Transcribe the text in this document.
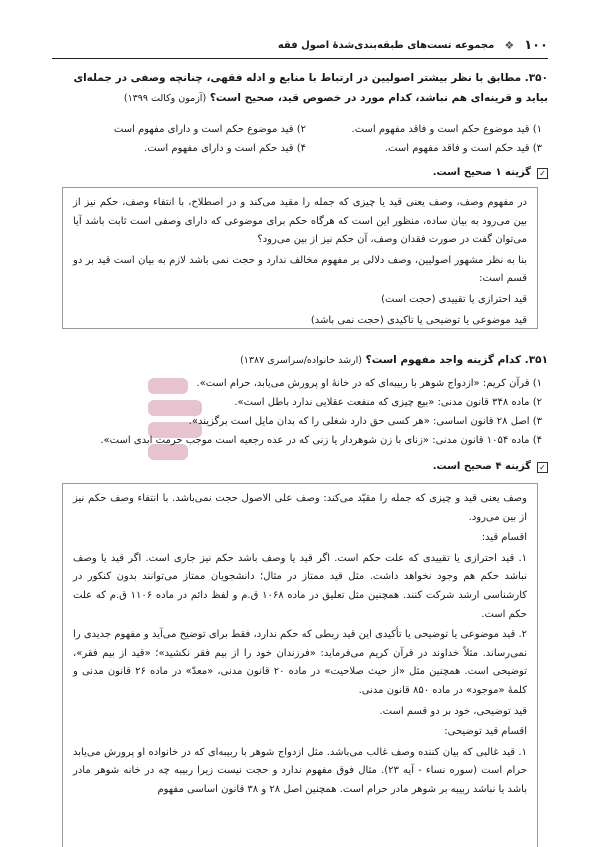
۱۰۰
❖
مجموعه تست‌های طبقه‌بندی‌شدهٔ اصول فقه
۳۵۰. مطابق با نظر بیشتر اصولیین در ارتباط با منابع و ادله فقهی، چنانچه وصفی در جمله‌ای بیاید و قرینه‌ای هم نباشد، کدام مورد در خصوص قید، صحیح است؟ (آزمون وکالت ۱۳۹۹)
۱) قید موضوع حکم است و فاقد مفهوم است.
۲) قید موضوع حکم است و دارای مفهوم است
۳) قید حکم است و فاقد مفهوم است.
۴) قید حکم است و دارای مفهوم است.
✓
گزینه ۱ صحیح است.

در مفهوم وصف، وصف یعنی قید یا چیزی که جمله را مقید می‌کند و در اصطلاح، با انتفاء وصف، حکم نیز از بین می‌رود به بیان ساده، منظور این است که هرگاه حکم برای موضوعی که دارای وصفی است ثابت باشد آیا می‌توان گفت در صورت فقدان وصف، آن حکم نیز از بین می‌رود؟

بنا به نظر مشهور اصولیین، وصف دلالی بر مفهوم مخالف ندارد و حجت نمی باشد لازم به بیان است قید بر دو قسم است:

قید احترازی یا تقییدی (حجت است)

قید موضوعی یا توضیحی یا تاکیدی (حجت نمی باشد)

۳۵۱. کدام گزینه واجد مفهوم است؟ (ارشد خانواده/سراسری ۱۳۸۷)
۱) قرآن کریم: «ازدواج شوهر با ربیبه‌ای که در خانهٔ او پرورش می‌یابد، حرام است».
۲) ماده ۳۴۸ قانون مدنی: «بیع چیزی که منفعت عقلایی ندارد باطل است».
۳) اصل ۲۸ قانون اساسی: «هر کسی حق دارد شغلی را که بدان مایل است برگزیند».
۴) ماده ۱۰۵۴ قانون مدنی: «زنای با زن شوهردار یا زنی که در عده رجعیه است موجب حرمت ابدی است».
✓
گزینه ۴ صحیح است.

وصف یعنی قید و چیزی که جمله را مقیّد می‌کند: وصف علی الاصول حجت نمی‌باشد. با انتفاء وصف حکم نیز از بین می‌رود.

اقسام قید:

۱. قید احترازی یا تقییدی که علت حکم است. اگر قید یا وصف باشد حکم نیز جاری است. اگر قید یا وصف نباشد حکم هم وجود نخواهد داشت. مثل قید ممتاز در مثال؛ دانشجویان ممتاز می‌توانند بدون کنکور در کارشناسی ارشد شرکت کنند. همچنین مثل تعلیق در ماده ۱۰۶۸ ق.م و لفظ دائم در ماده ۱۱۰۶ ق.م که علت حکم است.

۲. قید موضوعی یا توضیحی یا تأکیدی این قید ربطی که حکم ندارد، فقط برای توضیح می‌آید و مفهوم جدیدی را نمی‌رساند. مثلاً خداوند در قرآن کریم می‌فرماید: «فرزندان خود را از بیم فقر نکشید»؛ «قید از بیم فقر»، توضیحی است. همچنین مثل «از حیث صلاحیت» در ماده ۲۰ قانون مدنی، «معدّ» در ماده ۲۶ قانون مدنی و کلمهٔ «موجود» در ماده ۸۵۰ قانون مدنی.

قید توضیحی، خود بر دو قسم است.

اقسام قید توضیحی:

۱. قید غالبی که بیان کننده وصف غالب می‌باشد. مثل ازدواج شوهر با ربیبه‌ای که در خانواده او پرورش می‌یابد حرام است (سوره نساء - آیه ۲۳). مثال فوق مفهوم ندارد و حجت نیست زیرا ربیبه چه در خانه شوهر مادر باشد یا نباشد ربیبه بر شوهر مادر حرام است. همچنین اصل ۲۸ و ۳۸ قانون اساسی مفهوم
